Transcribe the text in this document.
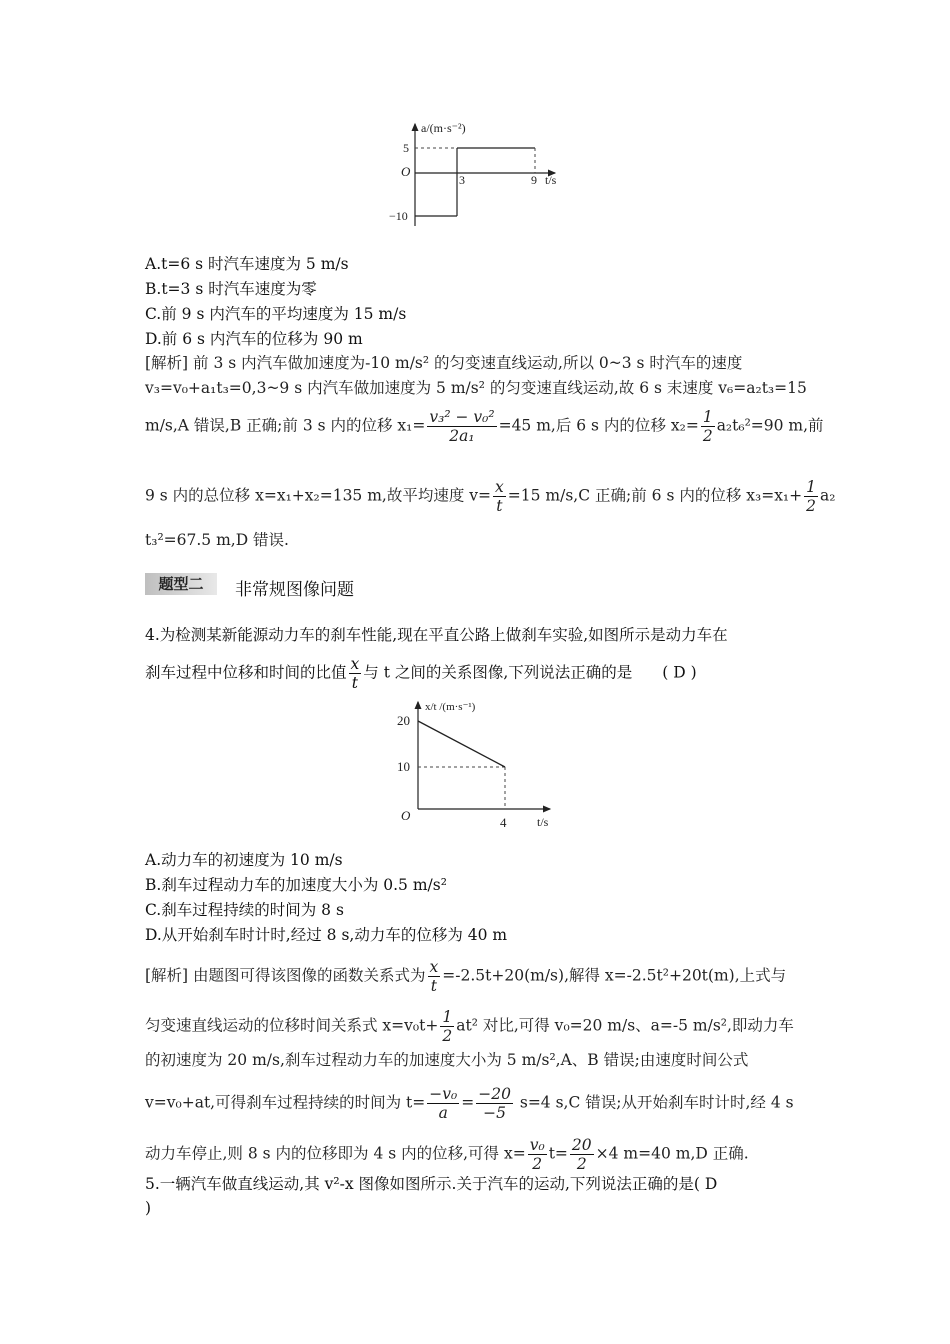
a/(m·s⁻²)
t/s
O
5
−10
3	9
A.t=6 s 时汽车速度为 5 m/s
B.t=3 s 时汽车速度为零
C.前 9 s 内汽车的平均速度为 15 m/s
D.前 6 s 内汽车的位移为 90 m
[解析] 前 3 s 内汽车做加速度为-10 m/s² 的匀变速直线运动,所以 0~3 s 时汽车的速度
v₃=v₀+a₁t₃=0,3~9 s 内汽车做加速度为 5 m/s² 的匀变速直线运动,故 6 s 末速度 v₆=a₂t₃=15
m/s,A 错误,B 正确;前 3 s 内的位移 $x_1= \frac{\text{v₃² − v₀²}}{\text{2a₁}} =45$ m,后 6 s 内的位移 $x_2= \frac{1}{2} a_2t_6^2=90$ m,前
9 s 内的总位移 x=x₁+x₂=135 m,故平均速度 $v= \frac{x}{t} =15$ m/s,C 正确;前 6 s 内的位移 $x_3=x_1+ \frac{1}{2} a_2$
t₃²=67.5 m,D 错误.
题型二	非常规图像问题
4.为检测某新能源动力车的刹车性能,现在平直公路上做刹车实验,如图所示是动力车在
刹车过程中位移和时间的比值 $\frac{x}{t}$ 与 t 之间的关系图像,下列说法正确的是 ( D )
x/t /(m·s⁻¹)
t/s
O
20
10
4
A.动力车的初速度为 10 m/s
B.刹车过程动力车的加速度大小为 0.5 m/s²
C.刹车过程持续的时间为 8 s
D.从开始刹车时计时,经过 8 s,动力车的位移为 40 m
[解析] 由题图可得该图像的函数关系式为 $\frac{x}{t} =-2.5t+20(m/s)$,解得 x=-2.5t²+20t(m),上式与
匀变速直线运动的位移时间关系式 $x=v_0t+ \frac{1}{2} at^2$ 对比,可得 v₀=20 m/s、a=-5 m/s²,即动力车
的初速度为 20 m/s,刹车过程动力车的加速度大小为 5 m/s²,A、B 错误;由速度时间公式
v=v₀+at,可得刹车过程持续的时间为 $t= \frac{\text{−v₀}}{a} = \frac{-20}{-5} s=4$ s,C 错误;从开始刹车时计时,经 4 s
动力车停止,则 8 s 内的位移即为 4 s 内的位移,可得 $x= \frac{\text{v₀}}{2} t= \frac{20}{2} \times 4$ m=40 m,D 正确.
5.一辆汽车做直线运动,其 v²-x 图像如图所示.关于汽车的运动,下列说法正确的是( D
)
